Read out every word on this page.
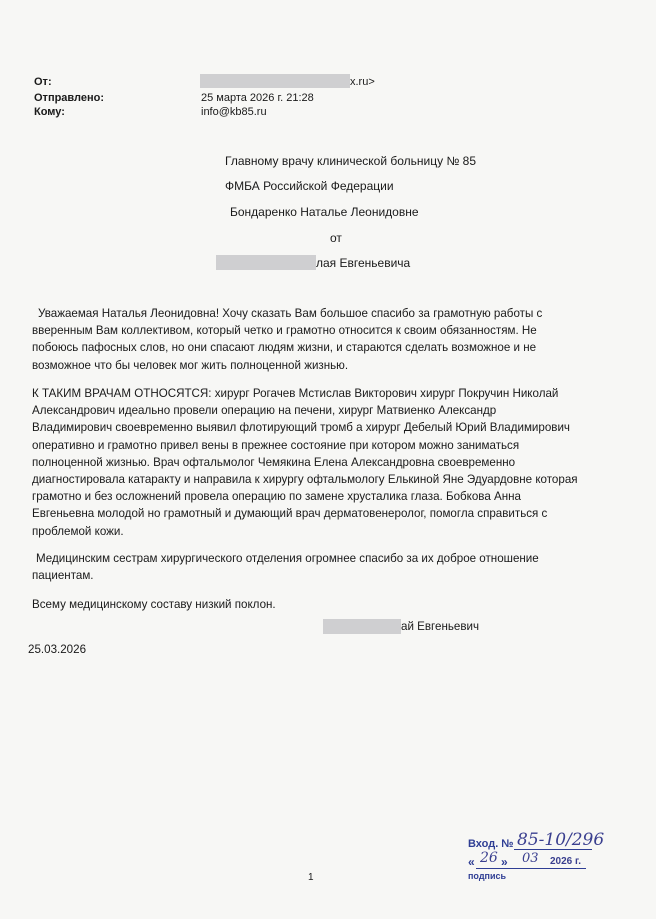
От:	x.ru>
Отправлено:	25 марта 2026 г. 21:28
Кому:	info@kb85.ru
Главному врачу клинической больницу № 85
ФМБА Российской Федерации
Бондаренко Наталье Леонидовне
от
лая Евгеньевича
Уважаемая Наталья Леонидовна! Хочу сказать Вам большое спасибо за грамотную работы с
вверенным Вам коллективом, который четко и грамотно относится к своим обязанностям. Не
побоюсь пафосных слов, но они спасают людям жизни, и стараются сделать возможное и не
возможное что бы человек мог жить полноценной жизнью.
К ТАКИМ ВРАЧАМ ОТНОСЯТСЯ: хирург Рогачев Мстислав Викторович хирург Покручин Николай
Александрович идеально провели операцию на печени, хирург Матвиенко Александр
Владимирович своевременно выявил флотирующий тромб а хирург Дебелый Юрий Владимирович
оперативно и грамотно привел вены в прежнее состояние при котором можно заниматься
полноценной жизнью. Врач офтальмолог Чемякина Елена Александровна своевременно
диагностировала катаракту и направила к хирургу офтальмологу Елькиной Яне Эдуардовне которая
грамотно и без осложнений провела операцию по замене хрусталика глаза. Бобкова Анна
Евгеньевна молодой но грамотный и думающий врач дерматовенеролог, помогла справиться с
проблемой кожи.
Медицинским сестрам хирургического отделения огромнее спасибо за их доброе отношение
пациентам.
Всему медицинскому составу низкий поклон.
ай Евгеньевич
25.03.2026
1
Вход. № 85-10/296
« 26 » 03 2026 г.
подпись
